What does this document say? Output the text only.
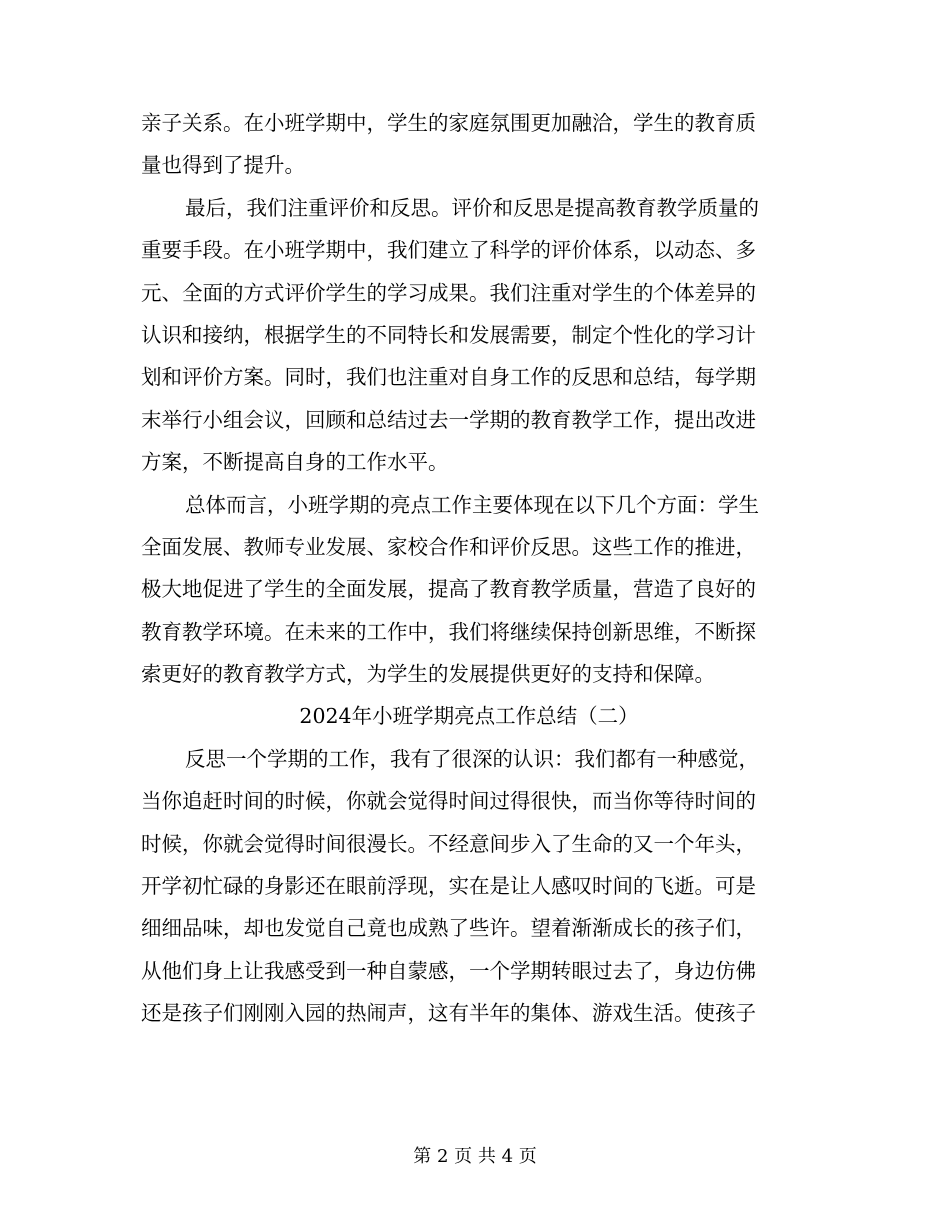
亲子关系。在小班学期中，学生的家庭氛围更加融洽，学生的教育质
量也得到了提升。
最后，我们注重评价和反思。评价和反思是提高教育教学质量的
重要手段。在小班学期中，我们建立了科学的评价体系，以动态、多
元、全面的方式评价学生的学习成果。我们注重对学生的个体差异的
认识和接纳，根据学生的不同特长和发展需要，制定个性化的学习计
划和评价方案。同时，我们也注重对自身工作的反思和总结，每学期
末举行小组会议，回顾和总结过去一学期的教育教学工作，提出改进
方案，不断提高自身的工作水平。
总体而言，小班学期的亮点工作主要体现在以下几个方面：学生
全面发展、教师专业发展、家校合作和评价反思。这些工作的推进，
极大地促进了学生的全面发展，提高了教育教学质量，营造了良好的
教育教学环境。在未来的工作中，我们将继续保持创新思维，不断探
索更好的教育教学方式，为学生的发展提供更好的支持和保障。
2024年小班学期亮点工作总结（二）
反思一个学期的工作，我有了很深的认识：我们都有一种感觉，
当你追赶时间的时候，你就会觉得时间过得很快，而当你等待时间的
时候，你就会觉得时间很漫长。不经意间步入了生命的又一个年头，
开学初忙碌的身影还在眼前浮现，实在是让人感叹时间的飞逝。可是
细细品味，却也发觉自己竟也成熟了些许。望着渐渐成长的孩子们，
从他们身上让我感受到一种自蒙感，一个学期转眼过去了，身边仿佛
还是孩子们刚刚入园的热闹声，这有半年的集体、游戏生活。使孩子
第 2 页 共 4 页
